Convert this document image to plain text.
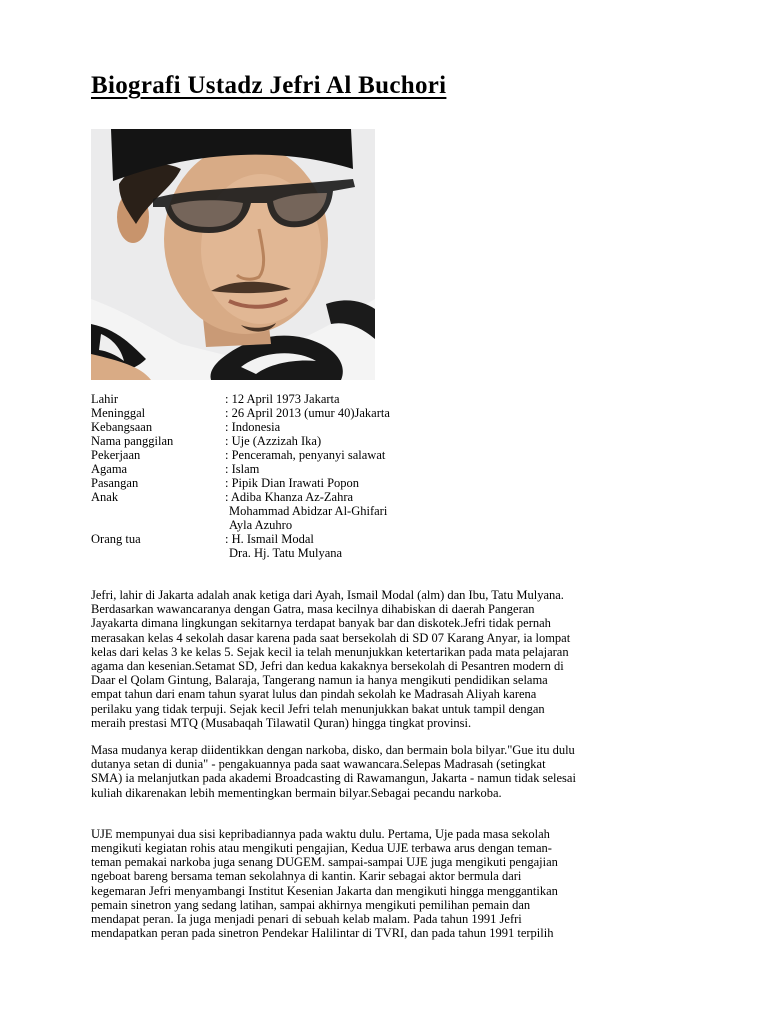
Biografi Ustadz Jefri Al Buchori
Lahir	: 12 April 1973 Jakarta
Meninggal	: 26 April 2013 (umur 40)Jakarta
Kebangsaan	: Indonesia
Nama panggilan	: Uje (Azzizah Ika)
Pekerjaan	: Penceramah, penyanyi salawat
Agama	: Islam
Pasangan	: Pipik Dian Irawati Popon
Anak	: Adiba Khanza Az-Zahra
Mohammad Abidzar Al-Ghifari
Ayla Azuhro
Orang tua	: H. Ismail Modal
Dra. Hj. Tatu Mulyana

Jefri, lahir di Jakarta adalah anak ketiga dari Ayah, Ismail Modal (alm) dan Ibu, Tatu Mulyana.
Berdasarkan wawancaranya dengan Gatra, masa kecilnya dihabiskan di daerah Pangeran
Jayakarta dimana lingkungan sekitarnya terdapat banyak bar dan diskotek.Jefri tidak pernah
merasakan kelas 4 sekolah dasar karena pada saat bersekolah di SD 07 Karang Anyar, ia lompat
kelas dari kelas 3 ke kelas 5. Sejak kecil ia telah menunjukkan ketertarikan pada mata pelajaran
agama dan kesenian.Setamat SD, Jefri dan kedua kakaknya bersekolah di Pesantren modern di
Daar el Qolam Gintung, Balaraja, Tangerang namun ia hanya mengikuti pendidikan selama
empat tahun dari enam tahun syarat lulus dan pindah sekolah ke Madrasah Aliyah karena
perilaku yang tidak terpuji. Sejak kecil Jefri telah menunjukkan bakat untuk tampil dengan
meraih prestasi MTQ (Musabaqah Tilawatil Quran) hingga tingkat provinsi.

Masa mudanya kerap diidentikkan dengan narkoba, disko, dan bermain bola bilyar."Gue itu dulu
dutanya setan di dunia" - pengakuannya pada saat wawancara.Selepas Madrasah (setingkat
SMA) ia melanjutkan pada akademi Broadcasting di Rawamangun, Jakarta - namun tidak selesai
kuliah dikarenakan lebih mementingkan bermain bilyar.Sebagai pecandu narkoba.

UJE mempunyai dua sisi kepribadiannya pada waktu dulu. Pertama, Uje pada masa sekolah
mengikuti kegiatan rohis atau mengikuti pengajian, Kedua UJE terbawa arus dengan teman-
teman pemakai narkoba juga senang DUGEM. sampai-sampai UJE juga mengikuti pengajian
ngeboat bareng bersama teman sekolahnya di kantin. Karir sebagai aktor bermula dari
kegemaran Jefri menyambangi Institut Kesenian Jakarta dan mengikuti hingga menggantikan
pemain sinetron yang sedang latihan, sampai akhirnya mengikuti pemilihan pemain dan
mendapat peran. Ia juga menjadi penari di sebuah kelab malam. Pada tahun 1991 Jefri
mendapatkan peran pada sinetron Pendekar Halilintar di TVRI, dan pada tahun 1991 terpilih
